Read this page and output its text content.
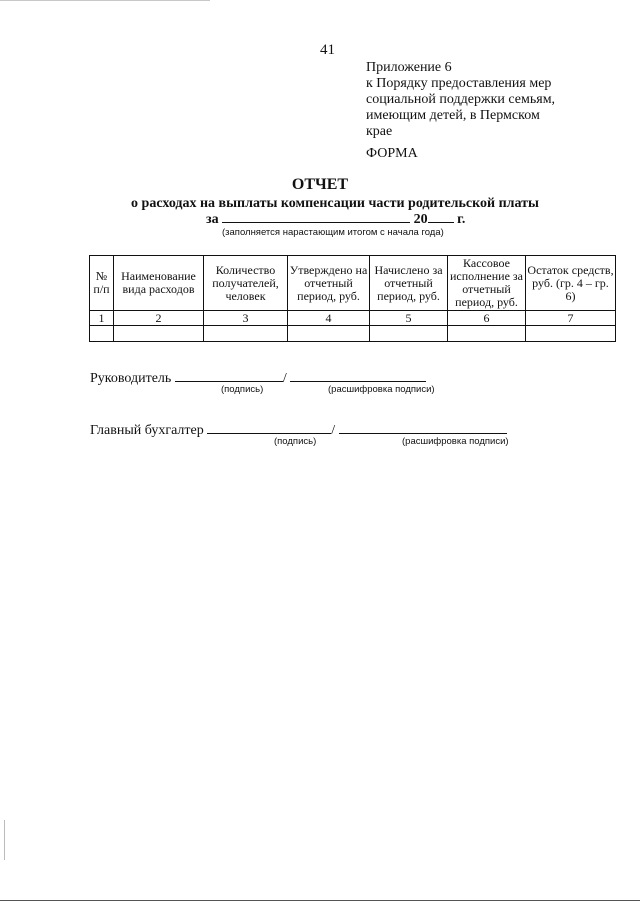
41
Приложение 6
к Порядку предоставления мер
социальной поддержки семьям,
имеющим детей, в Пермском
крае
ФОРМА
ОТЧЕТ
о расходах на выплаты компенсации части родительской платы
за	20 г.
(заполняется нарастающим итогом с начала года)
№ п/п	Наименование вида расходов	Количество получателей, человек	Утверждено на отчетный период, руб.	Начислено за отчетный период, руб.	Кассовое исполнение за отчетный период, руб.	Остаток средств, руб. (гр. 4 – гр. 6)
1	2	3	4	5	6	7

Руководитель	/
(подпись)	(расшифровка подписи)
Главный бухгалтер	/
(подпись)	(расшифровка подписи)
